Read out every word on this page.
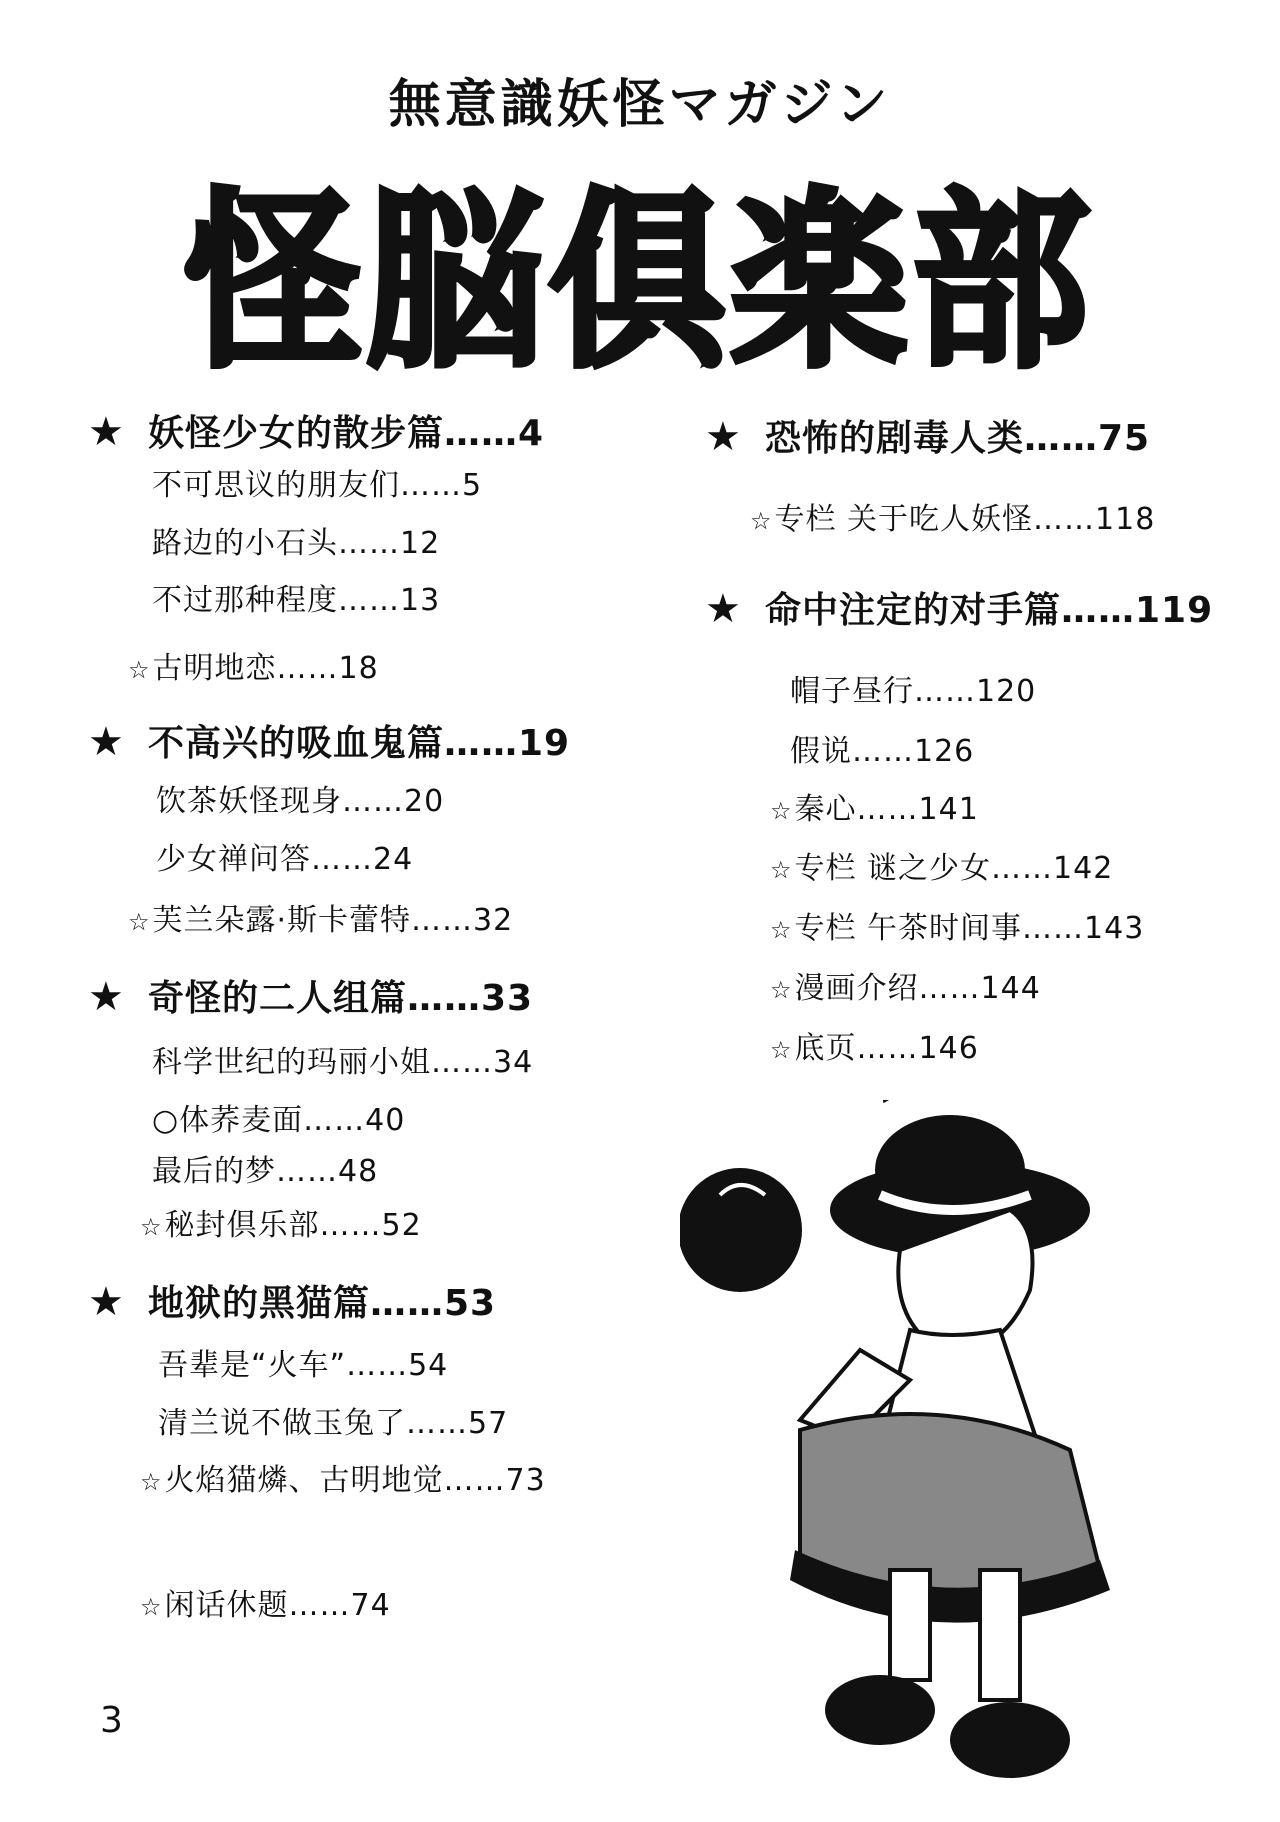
無意識妖怪マガジン
怪脳倶楽部
★ 妖怪少女的散步篇……4
不可思议的朋友们……5
路边的小石头……12
不过那种程度……13
☆古明地恋……18
★ 不高兴的吸血鬼篇……19
饮茶妖怪现身……20
少女禅问答……24
☆芙兰朵露·斯卡蕾特……32
★ 奇怪的二人组篇……33
科学世纪的玛丽小姐……34
○体荞麦面……40
最后的梦……48
☆秘封倶乐部……52
★ 地狱的黑猫篇……53
吾辈是“火车”……54
清兰说不做玉兔了……57
☆火焰猫燐、古明地觉……73
☆闲话休题……74
★ 恐怖的剧毒人类……75
☆专栏 关于吃人妖怪……118
★ 命中注定的对手篇……119
帽子昼行……120
假说……126
☆秦心……141
☆专栏 谜之少女……142
☆专栏 午茶时间事……143
☆漫画介绍……144
☆底页……146
3
